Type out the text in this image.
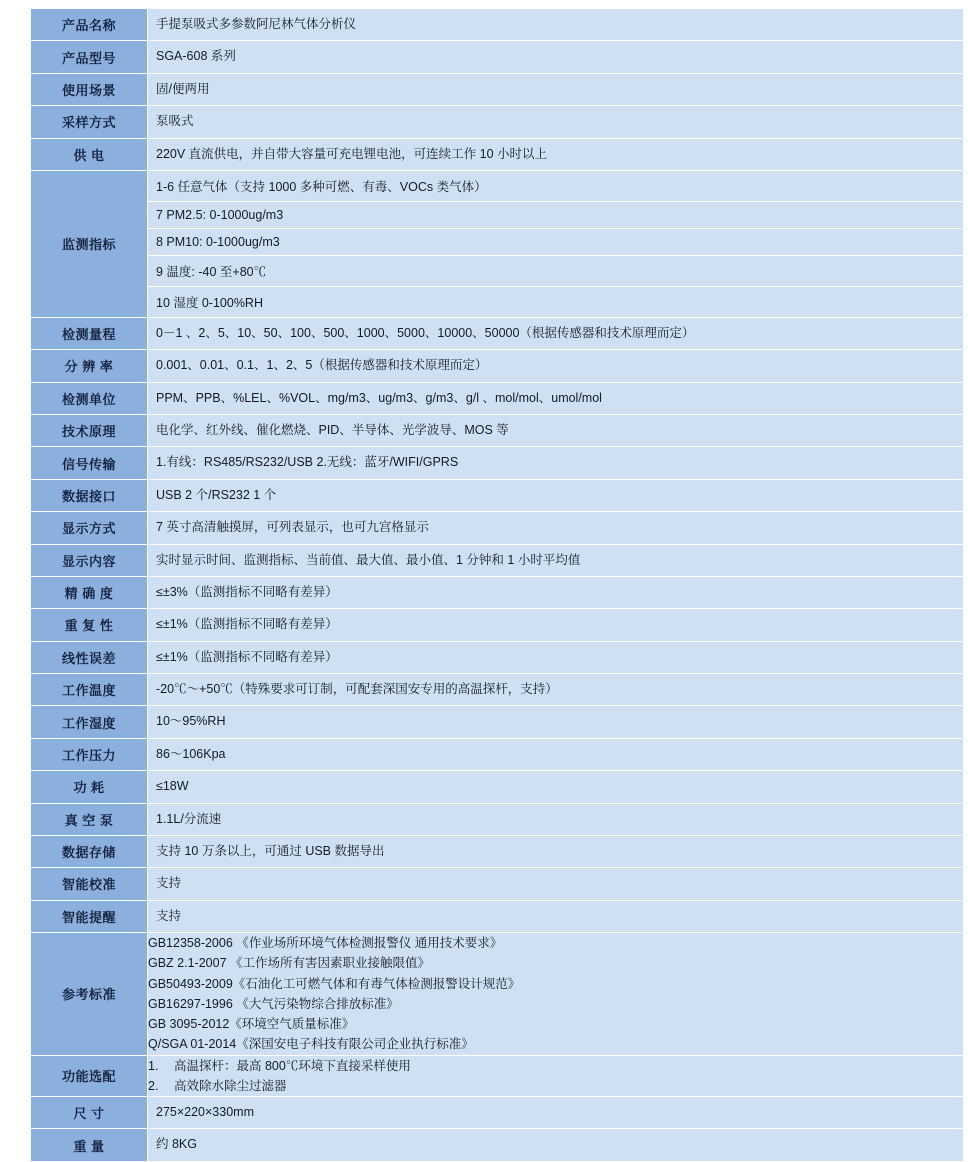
产品名称	手提泵吸式多参数阿尼林气体分析仪
产品型号	SGA-608 系列
使用场景	固/便两用
采样方式	泵吸式
供 电	220V 直流供电，并自带大容量可充电锂电池，可连续工作 10 小时以上
监测指标	
1-6 任意气体（支持 1000 多种可燃、有毒、VOCs 类气体）
7 PM2.5: 0-1000ug/m3
8 PM10: 0-1000ug/m3
9 温度: -40 至+80℃
10 湿度 0-100%RH

检测量程	0－1 、2、5、10、50、100、500、1000、5000、10000、50000（根据传感器和技术原理而定）
分 辨 率	0.001、0.01、0.1、1、2、5（根据传感器和技术原理而定）
检测单位	PPM、PPB、%LEL、%VOL、mg/m3、ug/m3、g/m3、g/l 、mol/mol、umol/mol
技术原理	电化学、红外线、催化燃烧、PID、半导体、光学波导、MOS 等
信号传输	1.有线：RS485/RS232/USB 2.无线：蓝牙/WIFI/GPRS
数据接口	USB 2 个/RS232 1 个
显示方式	7 英寸高清触摸屏，可列表显示，也可九宫格显示
显示内容	实时显示时间、监测指标、当前值、最大值、最小值、1 分钟和 1 小时平均值
精 确 度	≤±3%（监测指标不同略有差异）
重 复 性	≤±1%（监测指标不同略有差异）
线性误差	≤±1%（监测指标不同略有差异）
工作温度	-20℃～+50℃（特殊要求可订制，可配套深国安专用的高温探杆，支持）
工作湿度	10～95%RH
工作压力	86～106Kpa
功 耗	≤18W
真 空 泵	1.1L/分流速
数据存储	支持 10 万条以上，可通过 USB 数据导出
智能校准	支持
智能提醒	支持
参考标准	
GB12358-2006 《作业场所环境气体检测报警仪 通用技术要求》
GBZ 2.1-2007 《工作场所有害因素职业接触限值》
GB50493-2009《石油化工可燃气体和有毒气体检测报警设计规范》
GB16297-1996 《大气污染物综合排放标准》
GB 3095-2012《环境空气质量标准》
Q/SGA 01-2014《深国安电子科技有限公司企业执行标准》

功能选配	
1.	高温探杆：最高 800℃环境下直接采样使用
2.	高效除水除尘过滤器

尺 寸	275×220×330mm
重 量	约 8KG
